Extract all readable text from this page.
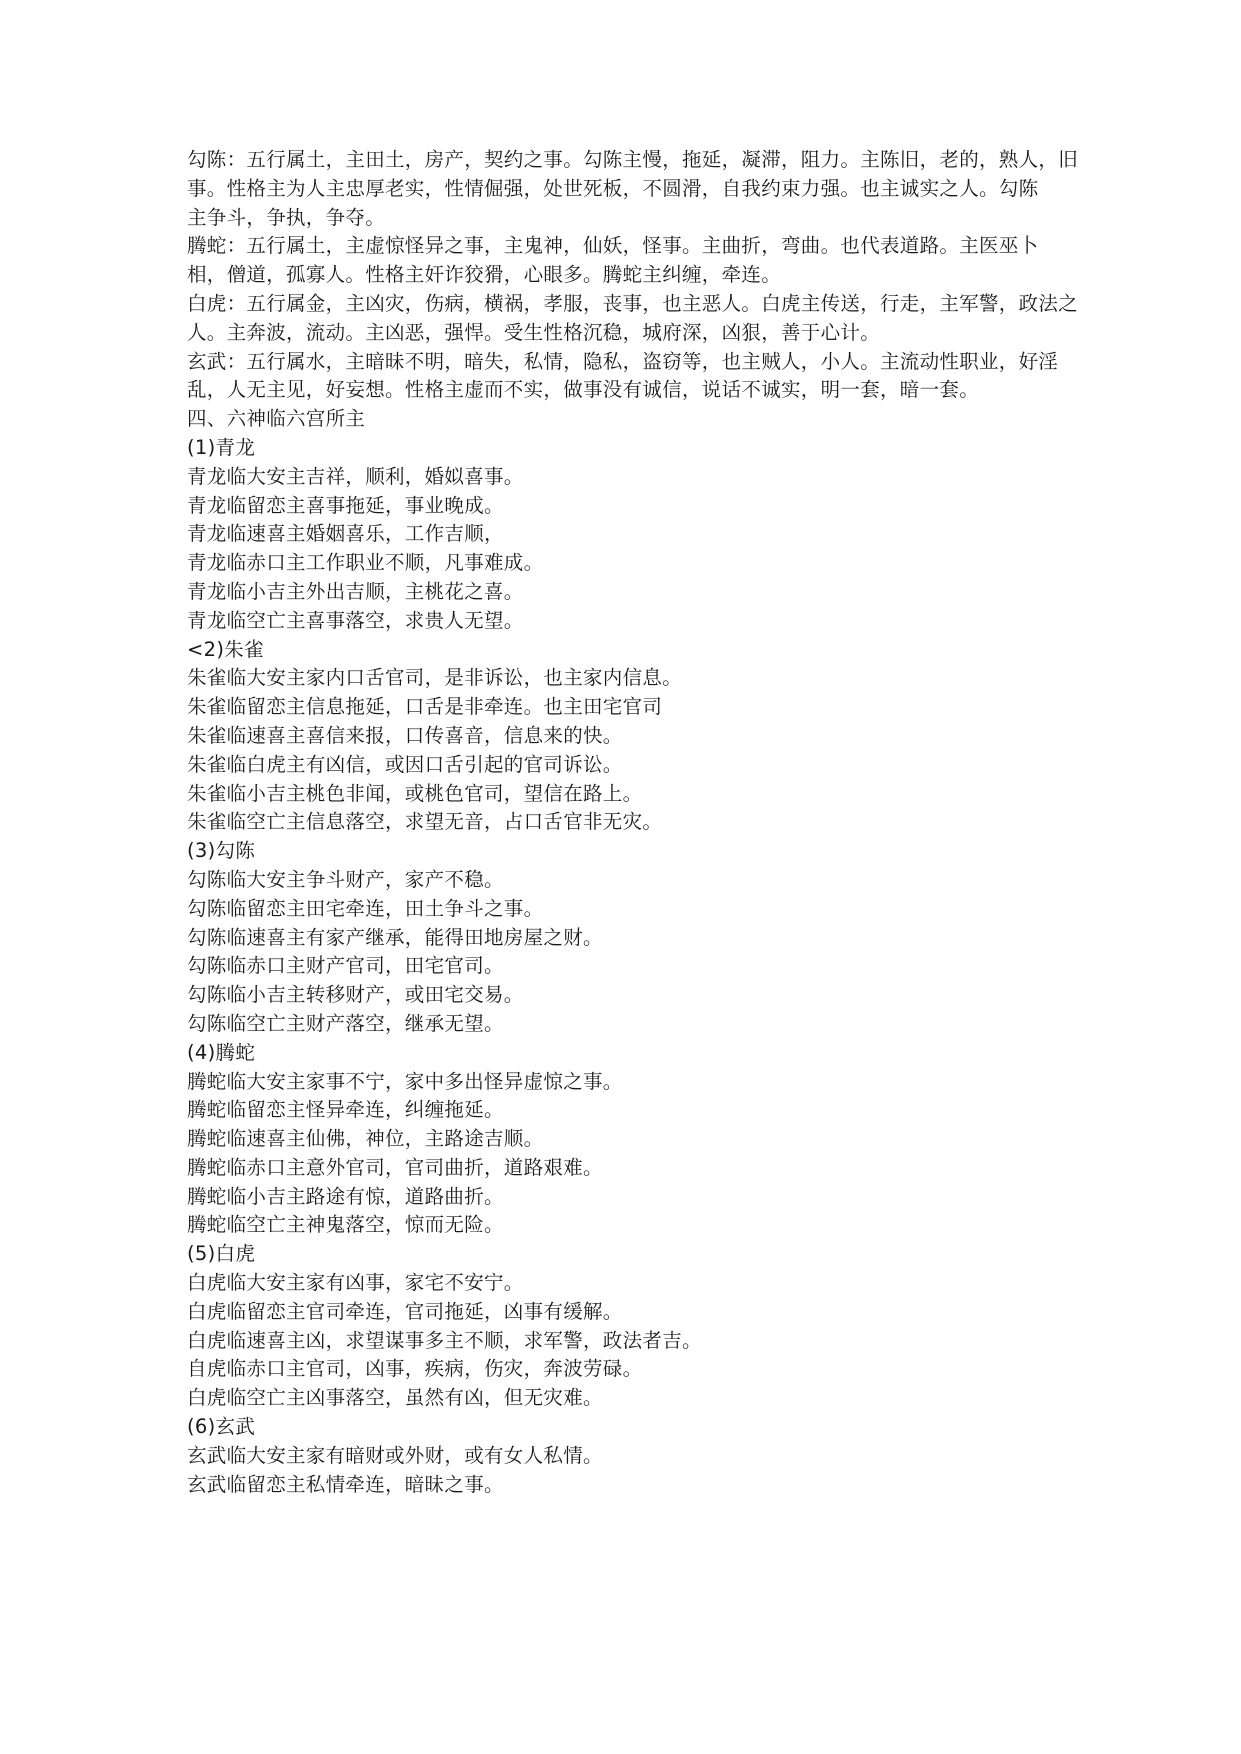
勾陈：五行属土，主田土，房产，契约之事。勾陈主慢，拖延，凝滞，阻力。主陈旧，老的，熟人，旧
事。性格主为人主忠厚老实，性情倔强，处世死板，不圆滑，自我约束力强。也主诚实之人。勾陈
主争斗，争执，争夺。
腾蛇：五行属土，主虚惊怪异之事，主鬼神，仙妖，怪事。主曲折，弯曲。也代表道路。主医巫卜
相，僧道，孤寡人。性格主奸诈狡猾，心眼多。腾蛇主纠缠，牵连。
白虎：五行属金，主凶灾，伤病，横祸，孝服，丧事，也主恶人。白虎主传送，行走，主军警，政法之
人。主奔波，流动。主凶恶，强悍。受生性格沉稳，城府深，凶狠，善于心计。
玄武：五行属水，主暗昧不明，暗失，私情，隐私，盗窃等，也主贼人，小人。主流动性职业，好淫
乱，人无主见，好妄想。性格主虚而不实，做事没有诚信，说话不诚实，明一套，暗一套。
四、六神临六宫所主
(1)青龙
青龙临大安主吉祥，顺利，婚姒喜事。
青龙临留恋主喜事拖延，事业晚成。
青龙临速喜主婚姻喜乐，工作吉顺，
青龙临赤口主工作职业不顺，凡事难成。
青龙临小吉主外出吉顺，主桃花之喜。
青龙临空亡主喜事落空，求贵人无望。
<2)朱雀
朱雀临大安主家内口舌官司，是非诉讼，也主家内信息。
朱雀临留恋主信息拖延，口舌是非牵连。也主田宅官司
朱雀临速喜主喜信来报，口传喜音，信息来的快。
朱雀临白虎主有凶信，或因口舌引起的官司诉讼。
朱雀临小吉主桃色非闻，或桃色官司，望信在路上。
朱雀临空亡主信息落空，求望无音，占口舌官非无灾。
(3)勾陈
勾陈临大安主争斗财产，家产不稳。
勾陈临留恋主田宅牵连，田土争斗之事。
勾陈临速喜主有家产继承，能得田地房屋之财。
勾陈临赤口主财产官司，田宅官司。
勾陈临小吉主转移财产，或田宅交易。
勾陈临空亡主财产落空，继承无望。
(4)腾蛇
腾蛇临大安主家事不宁，家中多出怪异虚惊之事。
腾蛇临留恋主怪异牵连，纠缠拖延。
腾蛇临速喜主仙佛，神位，主路途吉顺。
腾蛇临赤口主意外官司，官司曲折，道路艰难。
腾蛇临小吉主路途有惊，道路曲折。
腾蛇临空亡主神鬼落空，惊而无险。
(5)白虎
白虎临大安主家有凶事，家宅不安宁。
白虎临留恋主官司牵连，官司拖延，凶事有缓解。
白虎临速喜主凶，求望谋事多主不顺，求军警，政法者吉。
自虎临赤口主官司，凶事，疾病，伤灾，奔波劳碌。
白虎临空亡主凶事落空，虽然有凶，但无灾难。
(6)玄武
玄武临大安主家有暗财或外财，或有女人私情。
玄武临留恋主私情牵连，暗昧之事。
